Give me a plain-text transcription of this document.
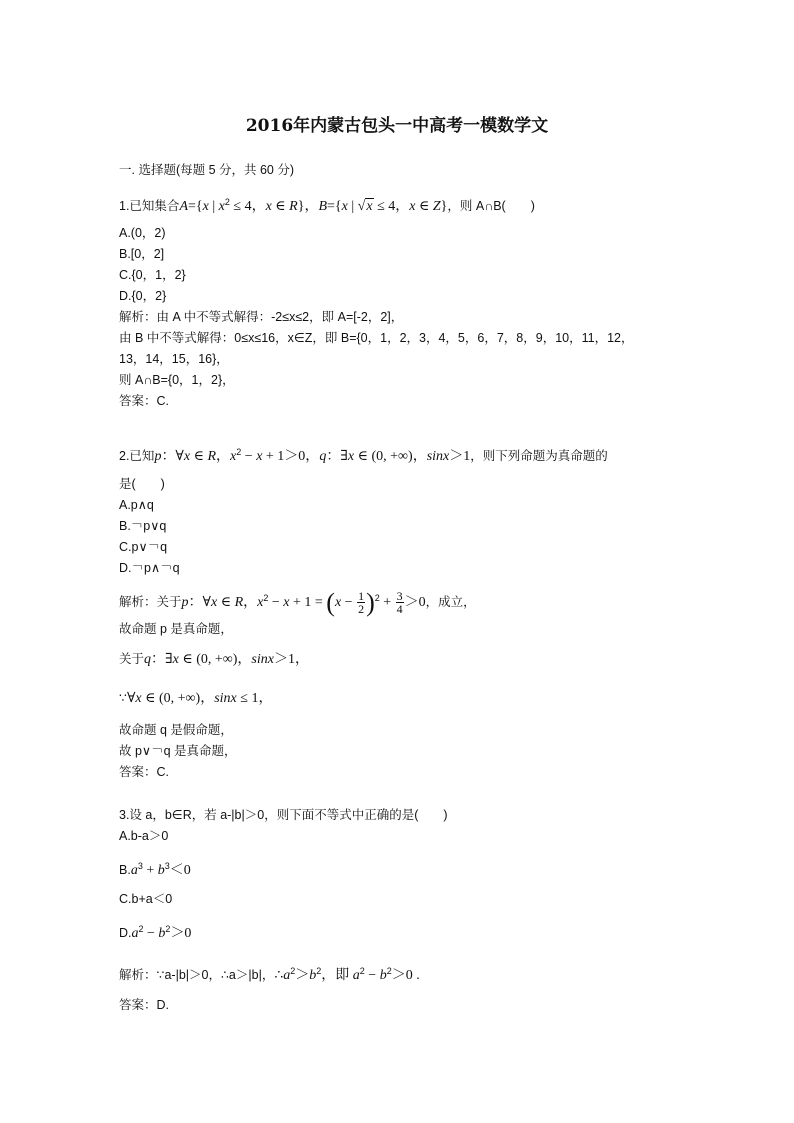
2016年内蒙古包头一中高考一模数学文
一. 选择题(每题 5 分，共 60 分)
1.已知集合A={x | $x^2 \le 4$，x ∈ R}，B={x | √x ≤ 4，x ∈ Z}，则 A∩B(　　)
A.(0，2)
B.[0，2]
C.{0，1，2}
D.{0，2}
解析：由 A 中不等式解得：-2≤x≤2，即 A=[-2，2]，
由 B 中不等式解得：0≤x≤16，x∈Z，即 B={0，1，2，3，4，5，6，7，8，9，10，11，12，
13，14，15，16}，
则 A∩B={0，1，2}，
答案：C.
2.已知p：∀x ∈ R，$x^2 - x + 1>0$，q：∃x ∈ (0, +∞)，sinx＞1，则下列命题为真命题的
是(　　)
A.p∧q
B.￢p∨q
C.p∨￢q
D.￢p∧￢q
解析：关于p：∀x ∈ R，$x^2 - x + 1 = (x - \frac{1}{2} )^2 + \frac{3}{4} >0$，成立，
故命题 p 是真命题，
关于q：∃x ∈ (0, +∞)，sinx＞1，
∵∀x ∈ (0, +∞)，sinx ≤ 1，
故命题 q 是假命题，
故 p∨￢q 是真命题，
答案：C.
3.设 a，b∈R，若 a-|b|＞0，则下面不等式中正确的是(　　)
A.b-a＞0
$B.a^3 + b^3<0$
C.b+a＜0
$D.a^2 - b^2>0$
解析：∵a-|b|＞0，∴a＞|b|，$\therefore a^2>b^2$，即 $a^2 - b^2>0$ .
答案：D.
